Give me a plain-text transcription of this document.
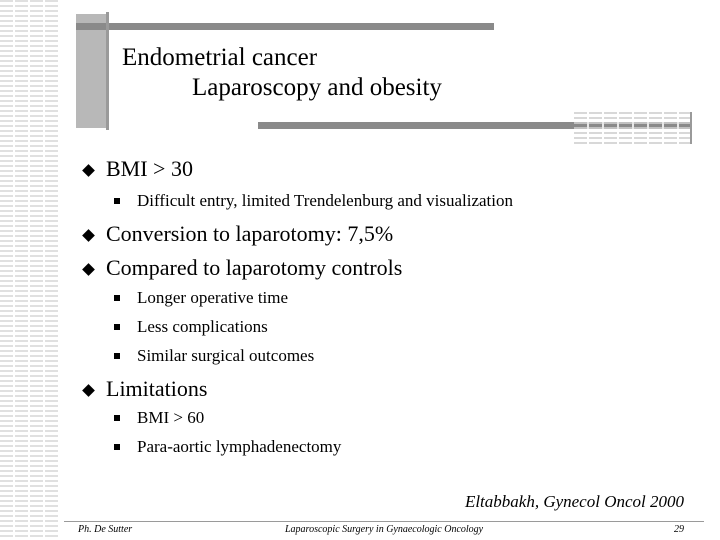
Endometrial cancer
Laparoscopy and obesity
BMI > 30
Difficult entry, limited Trendelenburg and visualization
Conversion to laparotomy: 7,5%
Compared to laparotomy controls
Longer operative time
Less complications
Similar surgical outcomes
Limitations
BMI > 60
Para-aortic lymphadenectomy
Eltabbakh, Gynecol Oncol 2000
Ph. De Sutter	Laparoscopic Surgery in Gynaecologic Oncology	29
